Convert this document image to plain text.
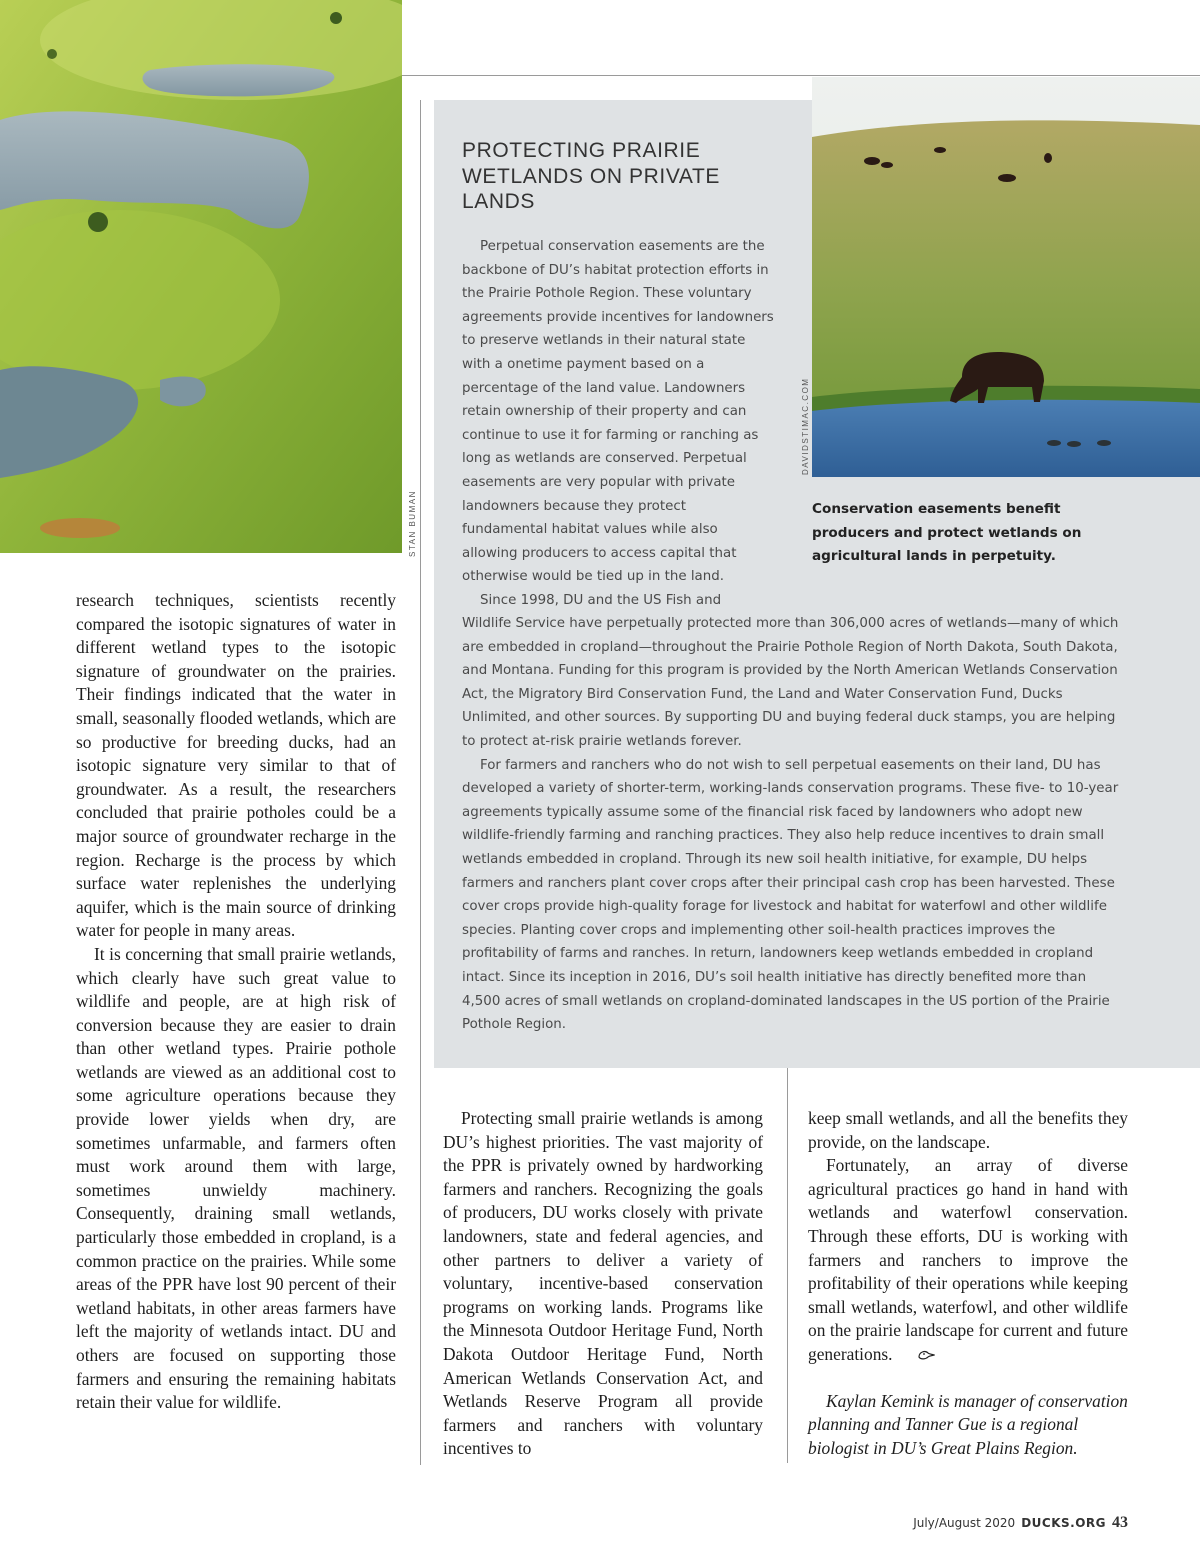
STAN BUMAN
DAVIDSTIMAC.COM
PROTECTING PRAIRIE WETLANDS ON PRIVATE LANDS

Perpetual conservation easements are the backbone of DU’s habitat protection efforts in the Prairie Pothole Region. These voluntary agreements provide incentives for landowners to preserve wetlands in their natural state with a onetime payment based on a percentage of the land value. Landowners retain ownership of their property and can continue to use it for farming or ranching as long as wetlands are conserved. Perpetual easements are very popular with private landowners because they protect fundamental habitat values while also allowing producers to access capital that otherwise would be tied up in the land.

Since 1998, DU and the US Fish and

Conservation easements benefit producers and protect wetlands on agricultural lands in perpetuity.

Wildlife Service have perpetually protected more than 306,000 acres of wetlands—many of which are embedded in cropland—throughout the Prairie Pothole Region of North Dakota, South Dakota, and Montana. Funding for this program is provided by the North American Wetlands Conservation Act, the Migratory Bird Conservation Fund, the Land and Water Conservation Fund, Ducks Unlimited, and other sources. By supporting DU and buying federal duck stamps, you are helping to protect at-risk prairie wetlands forever.

For farmers and ranchers who do not wish to sell perpetual easements on their land, DU has developed a variety of shorter-term, working-lands conservation programs. These five- to 10-year agreements typically assume some of the financial risk faced by landowners who adopt new wildlife-friendly farming and ranching practices. They also help reduce incentives to drain small wetlands embedded in cropland. Through its new soil health initiative, for example, DU helps farmers and ranchers plant cover crops after their principal cash crop has been harvested. These cover crops provide high-quality forage for livestock and habitat for waterfowl and other wildlife species. Planting cover crops and implementing other soil-health practices improves the profitability of farms and ranches. In return, landowners keep wetlands embedded in cropland intact. Since its inception in 2016, DU’s soil health initiative has directly benefited more than 4,500 acres of small wetlands on cropland-dominated landscapes in the US portion of the Prairie Pothole Region.

research techniques, scientists recently compared the isotopic signatures of water in different wetland types to the isotopic signature of groundwater on the prairies. Their findings indicated that the water in small, seasonally flooded wetlands, which are so productive for breeding ducks, had an isotopic signature very similar to that of groundwater. As a result, the researchers concluded that prairie potholes could be a major source of groundwater recharge in the region. Recharge is the process by which surface water replenishes the underlying aquifer, which is the main source of drinking water for people in many areas.

It is concerning that small prairie wetlands, which clearly have such great value to wildlife and people, are at high risk of conversion because they are easier to drain than other wetland types. Prairie pothole wetlands are viewed as an additional cost to some agriculture operations because they provide lower yields when dry, are sometimes unfarmable, and farmers often must work around them with large, sometimes unwieldy machinery. Consequently, draining small wetlands, particularly those embedded in cropland, is a common practice on the prairies. While some areas of the PPR have lost 90 percent of their wetland habitats, in other areas farmers have left the majority of wetlands intact. DU and others are focused on supporting those farmers and ensuring the remaining habitats retain their value for wildlife.

Protecting small prairie wetlands is among DU’s highest priorities. The vast majority of the PPR is privately owned by hardworking farmers and ranchers. Recognizing the goals of producers, DU works closely with private landowners, state and federal agencies, and other partners to deliver a variety of voluntary, incentive-based conservation programs on working lands. Programs like the Minnesota Outdoor Heritage Fund, North Dakota Outdoor Heritage Fund, North American Wetlands Conservation Act, and Wetlands Reserve Program all provide farmers and ranchers with voluntary incentives to

keep small wetlands, and all the benefits they provide, on the landscape.

Fortunately, an array of diverse agricultural practices go hand in hand with wetlands and waterfowl conservation. Through these efforts, DU is working with farmers and ranchers to improve the profitability of their operations while keeping small wetlands, waterfowl, and other wildlife on the prairie landscape for current and future generations.

Kaylan Kemink is manager of conservation planning and Tanner Gue is a regional biologist in DU’s Great Plains Region.

July/August 2020 DUCKS.ORG 43
